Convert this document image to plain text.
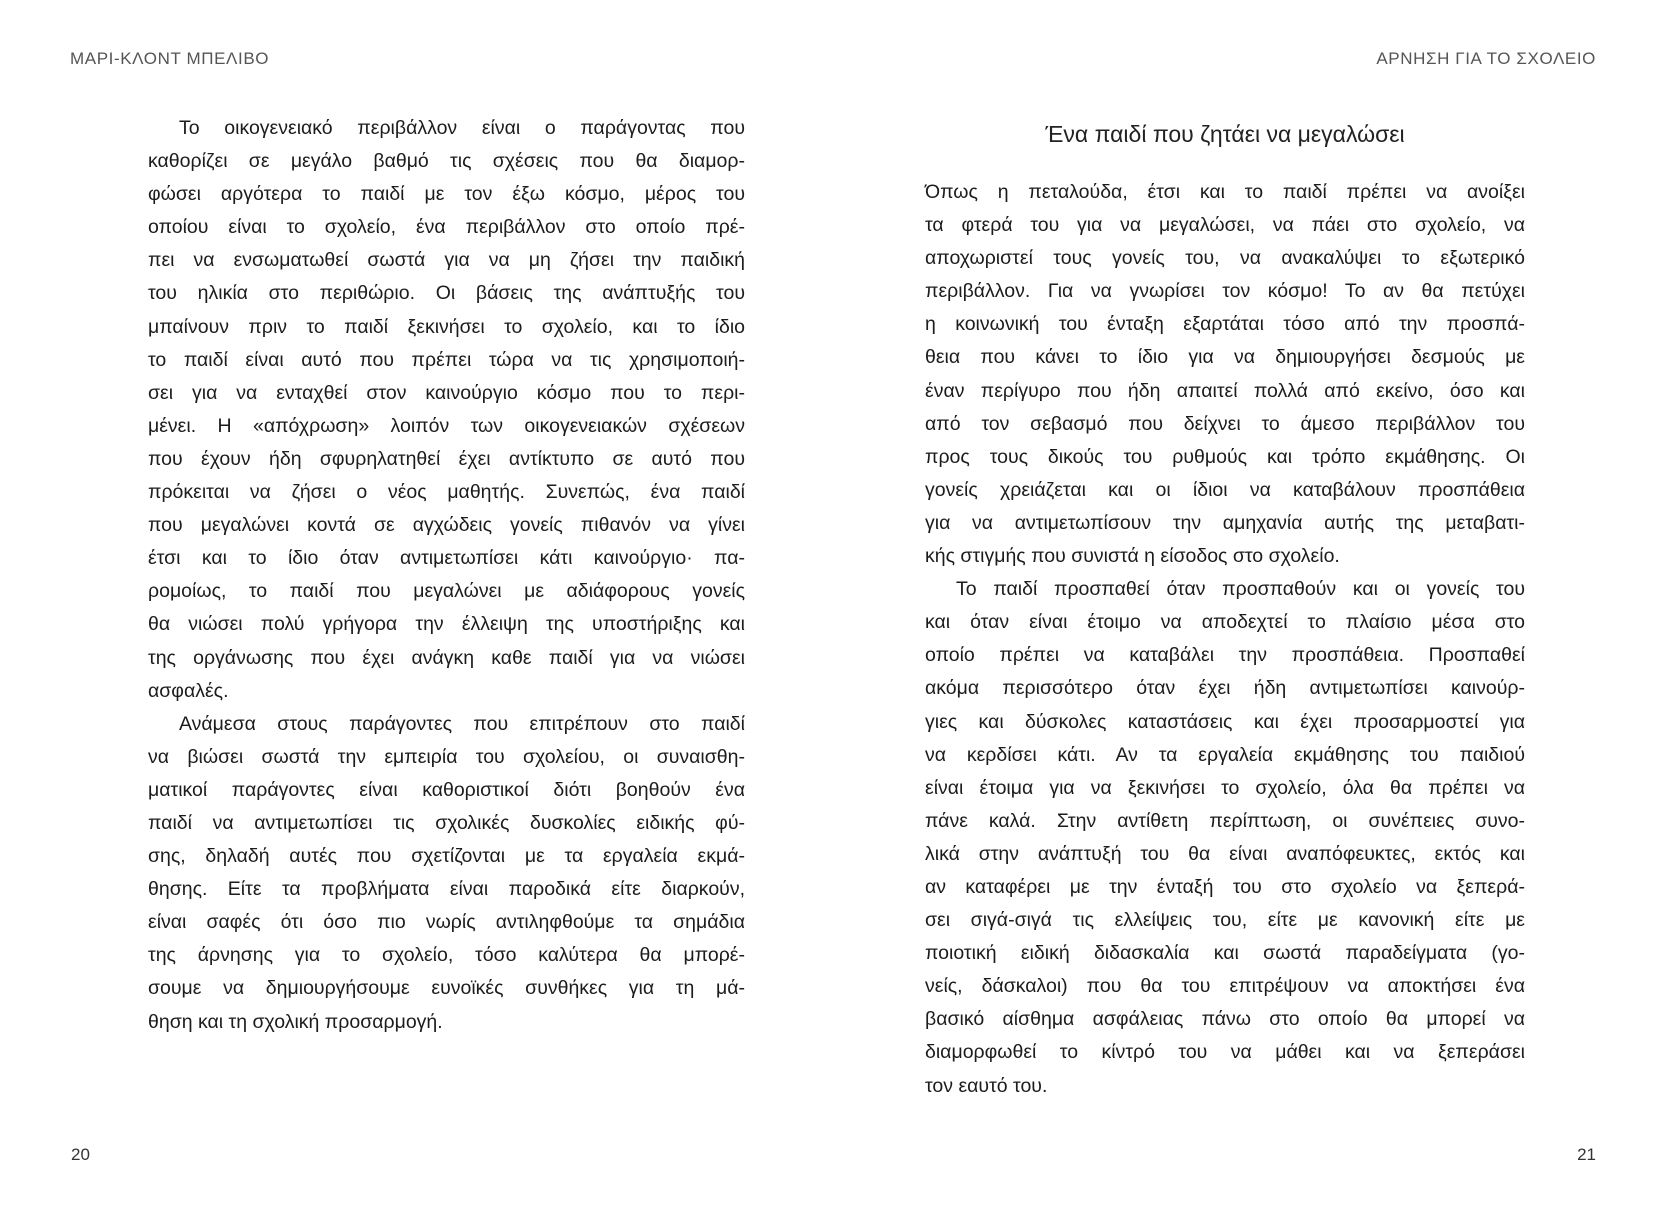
ΜΑΡΙ-ΚΛΟΝΤ ΜΠΕΛΙΒΟ
Το οικογενειακό περιβάλλον είναι ο παράγοντας που
καθορίζει σε μεγάλο βαθμό τις σχέσεις που θα διαμορ-
φώσει αργότερα το παιδί με τον έξω κόσμο, μέρος του
οποίου είναι το σχολείο, ένα περιβάλλον στο οποίο πρέ-
πει να ενσωματωθεί σωστά για να μη ζήσει την παιδική
του ηλικία στο περιθώριο. Οι βάσεις της ανάπτυξής του
μπαίνουν πριν το παιδί ξεκινήσει το σχολείο, και το ίδιο
το παιδί είναι αυτό που πρέπει τώρα να τις χρησιμοποιή-
σει για να ενταχθεί στον καινούργιο κόσμο που το περι-
μένει. Η «απόχρωση» λοιπόν των οικογενειακών σχέσεων
που έχουν ήδη σφυρηλατηθεί έχει αντίκτυπο σε αυτό που
πρόκειται να ζήσει ο νέος μαθητής. Συνεπώς, ένα παιδί
που μεγαλώνει κοντά σε αγχώδεις γονείς πιθανόν να γίνει
έτσι και το ίδιο όταν αντιμετωπίσει κάτι καινούργιο· πα-
ρομοίως, το παιδί που μεγαλώνει με αδιάφορους γονείς
θα νιώσει πολύ γρήγορα την έλλειψη της υποστήριξης και
της οργάνωσης που έχει ανάγκη καθε παιδί για να νιώσει
ασφαλές.
Ανάμεσα στους παράγοντες που επιτρέπουν στο παιδί
να βιώσει σωστά την εμπειρία του σχολείου, οι συναισθη-
ματικοί παράγοντες είναι καθοριστικοί διότι βοηθούν ένα
παιδί να αντιμετωπίσει τις σχολικές δυσκολίες ειδικής φύ-
σης, δηλαδή αυτές που σχετίζονται με τα εργαλεία εκμά-
θησης. Είτε τα προβλήματα είναι παροδικά είτε διαρκούν,
είναι σαφές ότι όσο πιο νωρίς αντιληφθούμε τα σημάδια
της άρνησης για το σχολείο, τόσο καλύτερα θα μπορέ-
σουμε να δημιουργήσουμε ευνοϊκές συνθήκες για τη μά-
θηση και τη σχολική προσαρμογή.
20
ΑΡΝΗΣΗ ΓΙΑ ΤΟ ΣΧΟΛΕΙΟ
Ένα παιδί που ζητάει να μεγαλώσει
Όπως η πεταλούδα, έτσι και το παιδί πρέπει να ανοίξει
τα φτερά του για να μεγαλώσει, να πάει στο σχολείο, να
αποχωριστεί τους γονείς του, να ανακαλύψει το εξωτερικό
περιβάλλον. Για να γνωρίσει τον κόσμο! Το αν θα πετύχει
η κοινωνική του ένταξη εξαρτάται τόσο από την προσπά-
θεια που κάνει το ίδιο για να δημιουργήσει δεσμούς με
έναν περίγυρο που ήδη απαιτεί πολλά από εκείνο, όσο και
από τον σεβασμό που δείχνει το άμεσο περιβάλλον του
προς τους δικούς του ρυθμούς και τρόπο εκμάθησης. Οι
γονείς χρειάζεται και οι ίδιοι να καταβάλουν προσπάθεια
για να αντιμετωπίσουν την αμηχανία αυτής της μεταβατι-
κής στιγμής που συνιστά η είσοδος στο σχολείο.
Το παιδί προσπαθεί όταν προσπαθούν και οι γονείς του
και όταν είναι έτοιμο να αποδεχτεί το πλαίσιο μέσα στο
οποίο πρέπει να καταβάλει την προσπάθεια. Προσπαθεί
ακόμα περισσότερο όταν έχει ήδη αντιμετωπίσει καινούρ-
γιες και δύσκολες καταστάσεις και έχει προσαρμοστεί για
να κερδίσει κάτι. Αν τα εργαλεία εκμάθησης του παιδιού
είναι έτοιμα για να ξεκινήσει το σχολείο, όλα θα πρέπει να
πάνε καλά. Στην αντίθετη περίπτωση, οι συνέπειες συνο-
λικά στην ανάπτυξή του θα είναι αναπόφευκτες, εκτός και
αν καταφέρει με την ένταξή του στο σχολείο να ξεπερά-
σει σιγά-σιγά τις ελλείψεις του, είτε με κανονική είτε με
ποιοτική ειδική διδασκαλία και σωστά παραδείγματα (γο-
νείς, δάσκαλοι) που θα του επιτρέψουν να αποκτήσει ένα
βασικό αίσθημα ασφάλειας πάνω στο οποίο θα μπορεί να
διαμορφωθεί το κίντρό του να μάθει και να ξεπεράσει
τον εαυτό του.
21
